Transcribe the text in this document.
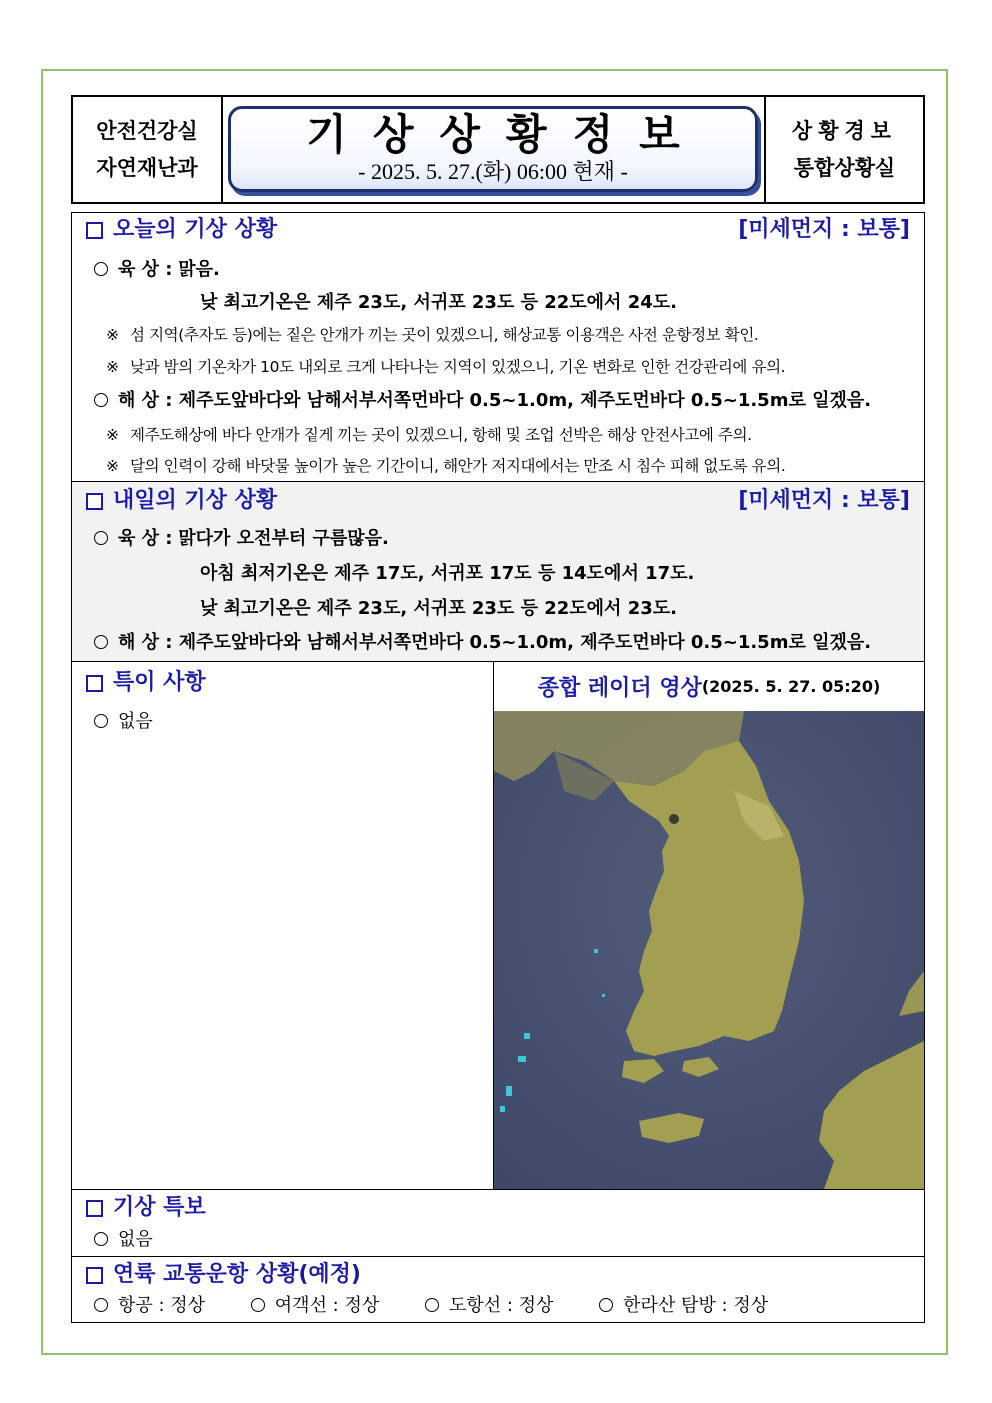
안전건강실
자연재난과
기상상황정보
- 2025. 5. 27.(화) 06:00 현재 -
상황경보
통합상황실
오늘의 기상 상황	[미세먼지 : 보통]
육 상 : 맑음.
낮 최고기온은 제주 23도, 서귀포 23도 등 22도에서 24도.
※ 섬 지역(추자도 등)에는 짙은 안개가 끼는 곳이 있겠으니, 해상교통 이용객은 사전 운항정보 확인.
※ 낮과 밤의 기온차가 10도 내외로 크게 나타나는 지역이 있겠으니, 기온 변화로 인한 건강관리에 유의.
해 상 : 제주도앞바다와 남해서부서쪽먼바다 0.5~1.0m, 제주도먼바다 0.5~1.5m로 일겠음.
※ 제주도해상에 바다 안개가 짙게 끼는 곳이 있겠으니, 항해 및 조업 선박은 해상 안전사고에 주의.
※ 달의 인력이 강해 바닷물 높이가 높은 기간이니, 해안가 저지대에서는 만조 시 침수 피해 없도록 유의.
내일의 기상 상황	[미세먼지 : 보통]
육 상 : 맑다가 오전부터 구름많음.
아침 최저기온은 제주 17도, 서귀포 17도 등 14도에서 17도.
낮 최고기온은 제주 23도, 서귀포 23도 등 22도에서 23도.
해 상 : 제주도앞바다와 남해서부서쪽먼바다 0.5~1.0m, 제주도먼바다 0.5~1.5m로 일겠음.
특이 사항
없음
종합 레이더 영상 (2025. 5. 27. 05:20)
기상 특보
없음
연륙 교통운항 상황(예정)
항공 : 정상	여객선 : 정상	도항선 : 정상	한라산 탐방 : 정상
